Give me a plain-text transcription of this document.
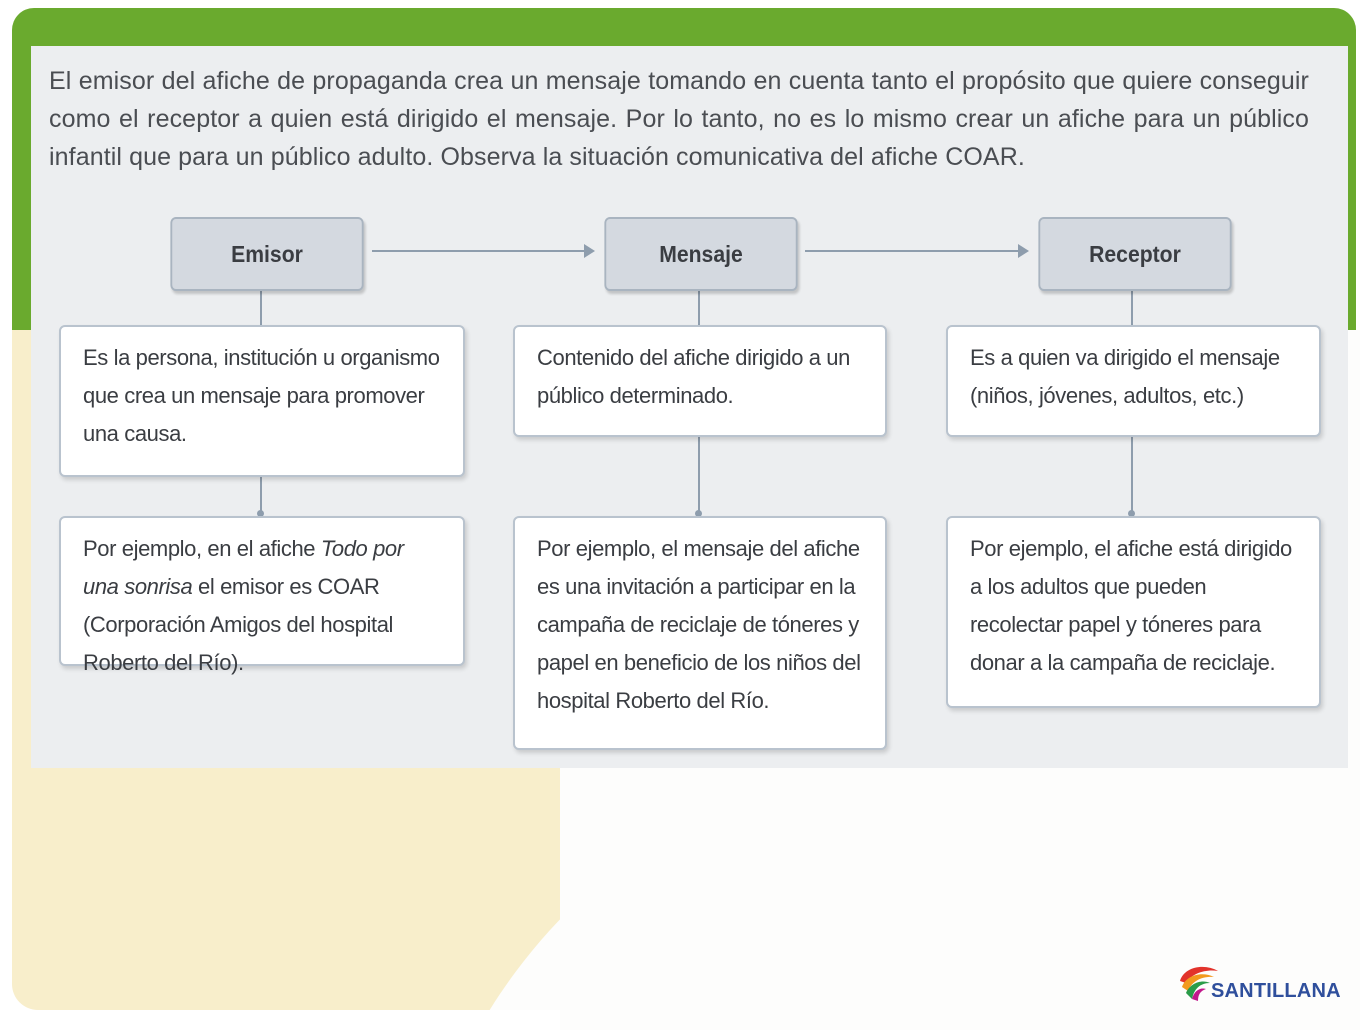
El emisor del afiche de propaganda crea un mensaje tomando en cuenta tanto el propósito que quiere conseguir como el receptor a quien está dirigido el mensaje. Por lo tanto, no es lo mismo crear un afiche para un público infantil que para un público adulto. Observa la situación comunicativa del afiche COAR.

Emisor	Mensaje	Receptor
Es la persona, institución u organismo que crea un mensaje para promover una causa.
Contenido del afiche dirigido a un público determinado.
Es a quien va dirigido el mensaje (niños, jóvenes, adultos, etc.)
Por ejemplo, en el afiche Todo por una sonrisa el emisor es COAR (Corporación Amigos del hospital Roberto del Río).
Por ejemplo, el mensaje del afiche es una invitación a participar en la campaña de reciclaje de tóneres y papel en beneficio de los niños del hospital Roberto del Río.
Por ejemplo, el afiche está dirigido a los adultos que pueden recolectar papel y tóneres para donar a la campaña de reciclaje.
SANTILLANA
